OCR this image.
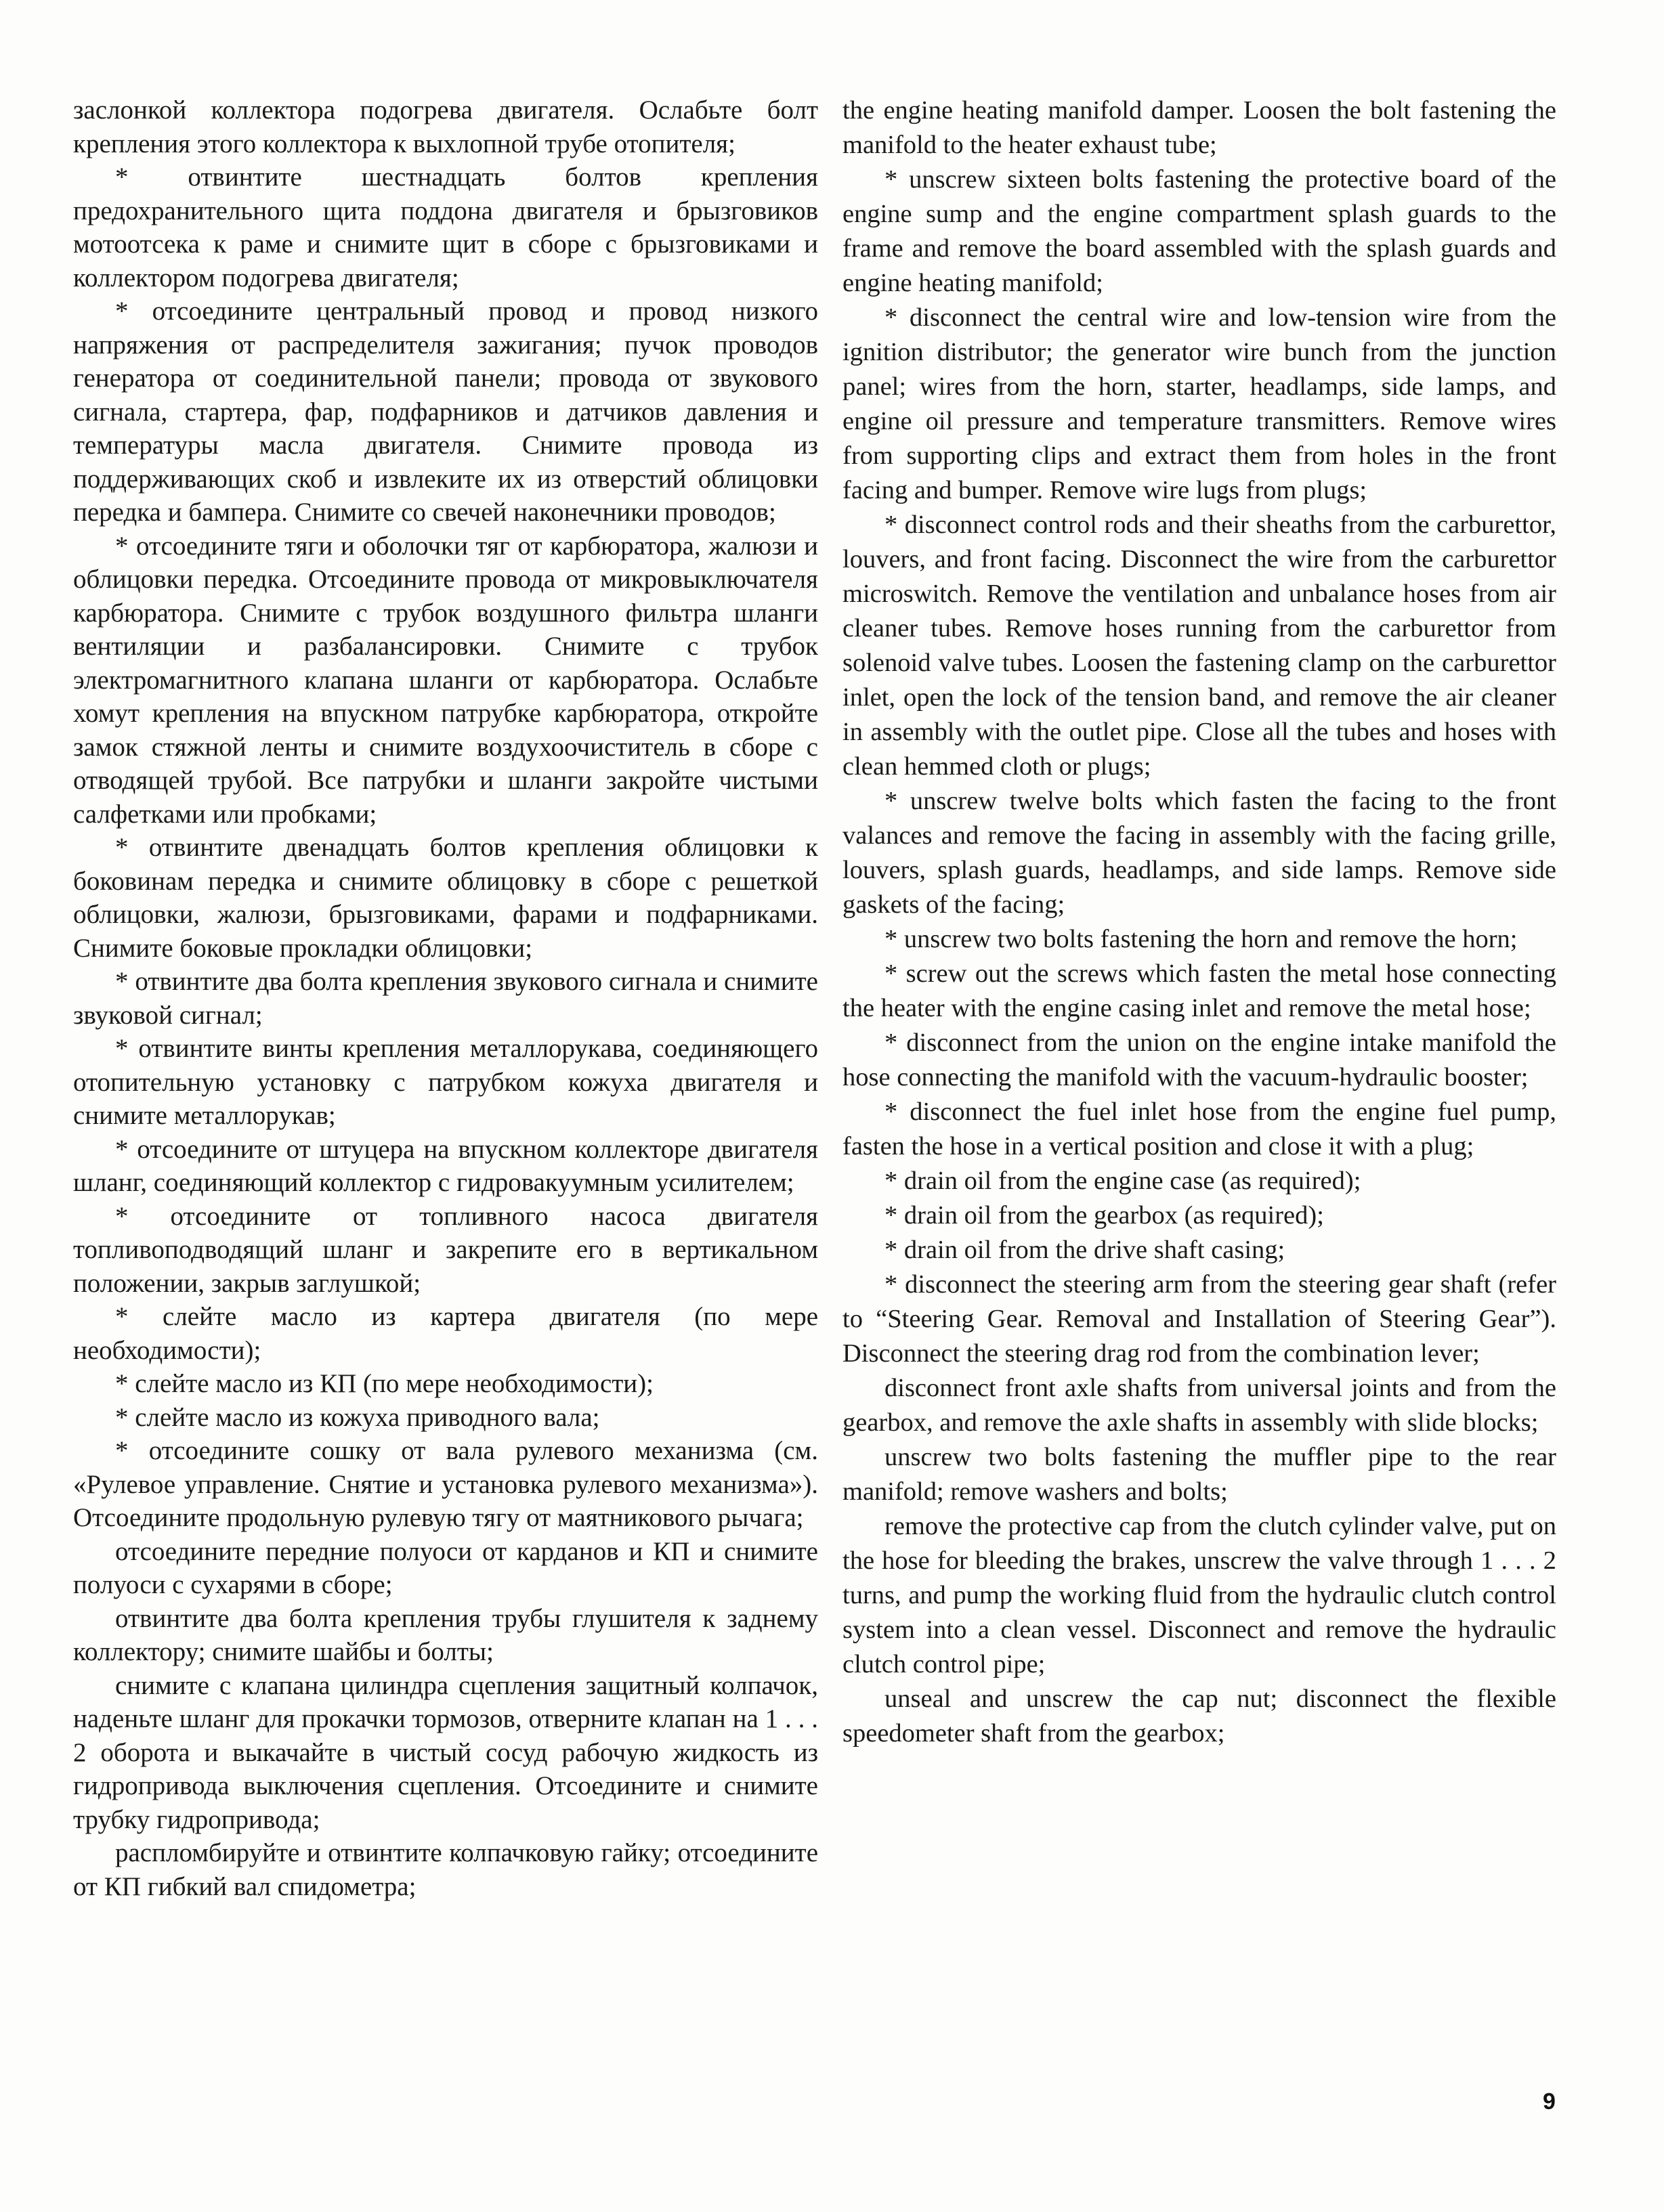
заслонкой коллектора подогрева двигателя. Ослабьте болт крепления этого коллектора к выхлопной трубе отопителя;

* отвинтите шестнадцать болтов крепления предохранительного щита поддона двигателя и брызговиков мотоотсека к раме и снимите щит в сборе с брызговиками и коллектором подогрева двигателя;

* отсоедините центральный провод и провод низкого напряжения от распределителя зажигания; пучок проводов генератора от соединительной панели; провода от звукового сигнала, стартера, фар, подфарников и датчиков давления и температуры масла двигателя. Снимите провода из поддерживающих скоб и извлеките их из отверстий облицовки передка и бампера. Снимите со свечей наконечники проводов;

* отсоедините тяги и оболочки тяг от карбюратора, жалюзи и облицовки передка. Отсоедините провода от микровыключателя карбюратора. Снимите с трубок воздушного фильтра шланги вентиляции и разбалансировки. Снимите с трубок электромагнитного клапана шланги от карбюратора. Ослабьте хомут крепления на впускном патрубке карбюратора, откройте замок стяжной ленты и снимите воздухоочиститель в сборе с отводящей трубой. Все патрубки и шланги закройте чистыми салфетками или пробками;

* отвинтите двенадцать болтов крепления облицовки к боковинам передка и снимите облицовку в сборе с решеткой облицовки, жалюзи, брызговиками, фарами и подфарниками. Снимите боковые прокладки облицовки;

* отвинтите два болта крепления звукового сигнала и снимите звуковой сигнал;

* отвинтите винты крепления металлорукава, соединяющего отопительную установку с патрубком кожуха двигателя и снимите металлорукав;

* отсоедините от штуцера на впускном коллекторе двигателя шланг, соединяющий коллектор с гидровакуумным усилителем;

* отсоедините от топливного насоса двигателя топливоподводящий шланг и закрепите его в вертикальном положении, закрыв заглушкой;

* слейте масло из картера двигателя (по мере необходимости);

* слейте масло из КП (по мере необходимости);

* слейте масло из кожуха приводного вала;

* отсоедините сошку от вала рулевого механизма (см. «Рулевое управление. Снятие и установка рулевого механизма»). Отсоедините продольную рулевую тягу от маятникового рычага;

отсоедините передние полуоси от карданов и КП и снимите полуоси с сухарями в сборе;

отвинтите два болта крепления трубы глушителя к заднему коллектору; снимите шайбы и болты;

снимите с клапана цилиндра сцепления защитный колпачок, наденьте шланг для прокачки тормозов, отверните клапан на 1 . . . 2 оборота и выкачайте в чистый сосуд рабочую жидкость из гидропривода выключения сцепления. Отсоедините и снимите трубку гидропривода;

распломбируйте и отвинтите колпачковую гайку; отсоедините от КП гибкий вал спидометра;

the engine heating manifold damper. Loosen the bolt fastening the manifold to the heater exhaust tube;

* unscrew sixteen bolts fastening the protective board of the engine sump and the engine compartment splash guards to the frame and remove the board assembled with the splash guards and engine heating manifold;

* disconnect the central wire and low-tension wire from the ignition distributor; the generator wire bunch from the junction panel; wires from the horn, starter, headlamps, side lamps, and engine oil pressure and temperature transmitters. Remove wires from supporting clips and extract them from holes in the front facing and bumper. Remove wire lugs from plugs;

* disconnect control rods and their sheaths from the carburettor, louvers, and front facing. Disconnect the wire from the carburettor microswitch. Remove the ventilation and unbalance hoses from air cleaner tubes. Remove hoses running from the carburettor from solenoid valve tubes. Loosen the fastening clamp on the carburettor inlet, open the lock of the tension band, and remove the air cleaner in assembly with the outlet pipe. Close all the tubes and hoses with clean hemmed cloth or plugs;

* unscrew twelve bolts which fasten the facing to the front valances and remove the facing in assembly with the facing grille, louvers, splash guards, headlamps, and side lamps. Remove side gaskets of the facing;

* unscrew two bolts fastening the horn and remove the horn;

* screw out the screws which fasten the metal hose connecting the heater with the engine casing inlet and remove the metal hose;

* disconnect from the union on the engine intake manifold the hose connecting the manifold with the vacuum-hydraulic booster;

* disconnect the fuel inlet hose from the engine fuel pump, fasten the hose in a vertical position and close it with a plug;

* drain oil from the engine case (as required);

* drain oil from the gearbox (as required);

* drain oil from the drive shaft casing;

* disconnect the steering arm from the steering gear shaft (refer to “Steering Gear. Removal and Installation of Steering Gear”). Disconnect the steering drag rod from the combination lever;

disconnect front axle shafts from universal joints and from the gearbox, and remove the axle shafts in assembly with slide blocks;

unscrew two bolts fastening the muffler pipe to the rear manifold; remove washers and bolts;

remove the protective cap from the clutch cylinder valve, put on the hose for bleeding the brakes, unscrew the valve through 1 . . . 2 turns, and pump the working fluid from the hydraulic clutch control system into a clean vessel. Disconnect and remove the hydraulic clutch control pipe;

unseal and unscrew the cap nut; disconnect the flexible speedometer shaft from the gearbox;

9
